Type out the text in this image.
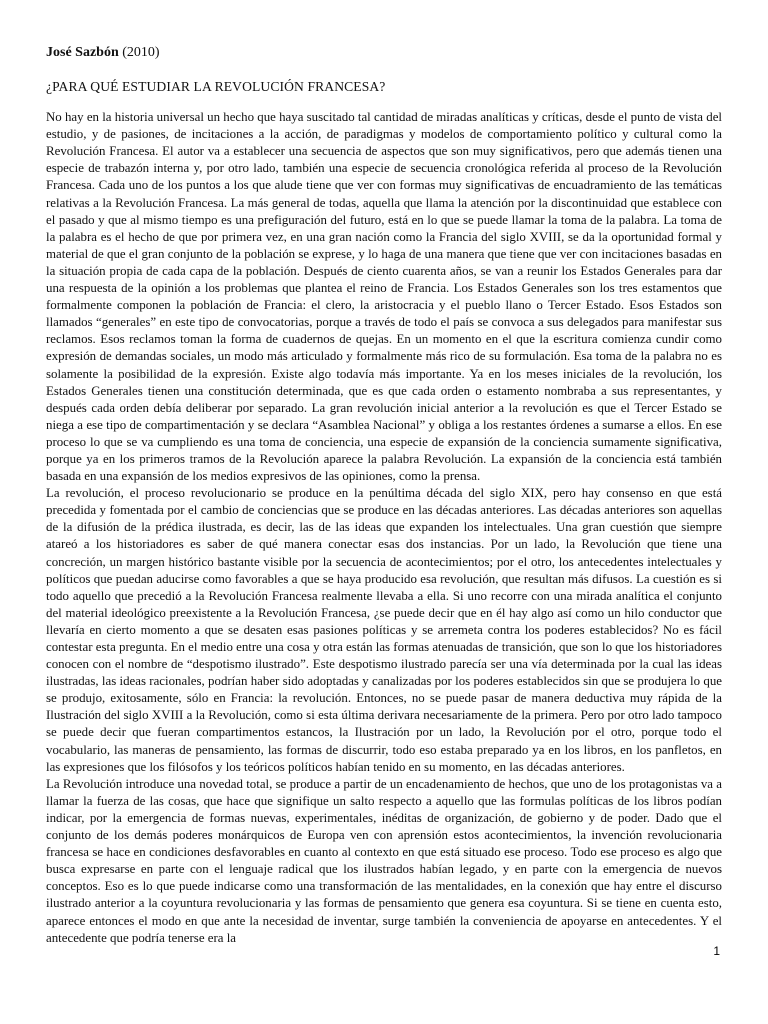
José Sazbón (2010)

¿PARA QUÉ ESTUDIAR LA REVOLUCIÓN FRANCESA?

No hay en la historia universal un hecho que haya suscitado tal cantidad de miradas analíticas y críticas, desde el punto de vista del estudio, y de pasiones, de incitaciones a la acción, de paradigmas y modelos de comportamiento político y cultural como la Revolución Francesa. El autor va a establecer una secuencia de aspectos que son muy significativos, pero que además tienen una especie de trabazón interna y, por otro lado, también una especie de secuencia cronológica referida al proceso de la Revolución Francesa. Cada uno de los puntos a los que alude tiene que ver con formas muy significativas de encuadramiento de las temáticas relativas a la Revolución Francesa. La más general de todas, aquella que llama la atención por la discontinuidad que establece con el pasado y que al mismo tiempo es una prefiguración del futuro, está en lo que se puede llamar la toma de la palabra. La toma de la palabra es el hecho de que por primera vez, en una gran nación como la Francia del siglo XVIII, se da la oportunidad formal y material de que el gran conjunto de la población se exprese, y lo haga de una manera que tiene que ver con incitaciones basadas en la situación propia de cada capa de la población. Después de ciento cuarenta años, se van a reunir los Estados Generales para dar una respuesta de la opinión a los problemas que plantea el reino de Francia. Los Estados Generales son los tres estamentos que formalmente componen la población de Francia: el clero, la aristocracia y el pueblo llano o Tercer Estado. Esos Estados son llamados “generales” en este tipo de convocatorias, porque a través de todo el país se convoca a sus delegados para manifestar sus reclamos. Esos reclamos toman la forma de cuadernos de quejas. En un momento en el que la escritura comienza cundir como expresión de demandas sociales, un modo más articulado y formalmente más rico de su formulación. Esa toma de la palabra no es solamente la posibilidad de la expresión. Existe algo todavía más importante. Ya en los meses iniciales de la revolución, los Estados Generales tienen una constitución determinada, que es que cada orden o estamento nombraba a sus representantes, y después cada orden debía deliberar por separado. La gran revolución inicial anterior a la revolución es que el Tercer Estado se niega a ese tipo de compartimentación y se declara “Asamblea Nacional” y obliga a los restantes órdenes a sumarse a ellos. En ese proceso lo que se va cumpliendo es una toma de conciencia, una especie de expansión de la conciencia sumamente significativa, porque ya en los primeros tramos de la Revolución aparece la palabra Revolución. La expansión de la conciencia está también basada en una expansión de los medios expresivos de las opiniones, como la prensa.

La revolución, el proceso revolucionario se produce en la penúltima década del siglo XIX, pero hay consenso en que está precedida y fomentada por el cambio de conciencias que se produce en las décadas anteriores. Las décadas anteriores son aquellas de la difusión de la prédica ilustrada, es decir, las de las ideas que expanden los intelectuales. Una gran cuestión que siempre atareó a los historiadores es saber de qué manera conectar esas dos instancias. Por un lado, la Revolución que tiene una concreción, un margen histórico bastante visible por la secuencia de acontecimientos; por el otro, los antecedentes intelectuales y políticos que puedan aducirse como favorables a que se haya producido esa revolución, que resultan más difusos. La cuestión es si todo aquello que precedió a la Revolución Francesa realmente llevaba a ella. Si uno recorre con una mirada analítica el conjunto del material ideológico preexistente a la Revolución Francesa, ¿se puede decir que en él hay algo así como un hilo conductor que llevaría en cierto momento a que se desaten esas pasiones políticas y se arremeta contra los poderes establecidos? No es fácil contestar esta pregunta. En el medio entre una cosa y otra están las formas atenuadas de transición, que son lo que los historiadores conocen con el nombre de “despotismo ilustrado”. Este despotismo ilustrado parecía ser una vía determinada por la cual las ideas ilustradas, las ideas racionales, podrían haber sido adoptadas y canalizadas por los poderes establecidos sin que se produjera lo que se produjo, exitosamente, sólo en Francia: la revolución. Entonces, no se puede pasar de manera deductiva muy rápida de la Ilustración del siglo XVIII a la Revolución, como si esta última derivara necesariamente de la primera. Pero por otro lado tampoco se puede decir que fueran compartimentos estancos, la Ilustración por un lado, la Revolución por el otro, porque todo el vocabulario, las maneras de pensamiento, las formas de discurrir, todo eso estaba preparado ya en los libros, en los panfletos, en las expresiones que los filósofos y los teóricos políticos habían tenido en su momento, en las décadas anteriores.

La Revolución introduce una novedad total, se produce a partir de un encadenamiento de hechos, que uno de los protagonistas va a llamar la fuerza de las cosas, que hace que signifique un salto respecto a aquello que las formulas políticas de los libros podían indicar, por la emergencia de formas nuevas, experimentales, inéditas de organización, de gobierno y de poder. Dado que el conjunto de los demás poderes monárquicos de Europa ven con aprensión estos acontecimientos, la invención revolucionaria francesa se hace en condiciones desfavorables en cuanto al contexto en que está situado ese proceso. Todo ese proceso es algo que busca expresarse en parte con el lenguaje radical que los ilustrados habían legado, y en parte con la emergencia de nuevos conceptos. Eso es lo que puede indicarse como una transformación de las mentalidades, en la conexión que hay entre el discurso ilustrado anterior a la coyuntura revolucionaria y las formas de pensamiento que genera esa coyuntura. Si se tiene en cuenta esto, aparece entonces el modo en que ante la necesidad de inventar, surge también la conveniencia de apoyarse en antecedentes. Y el antecedente que podría tenerse era la

1
